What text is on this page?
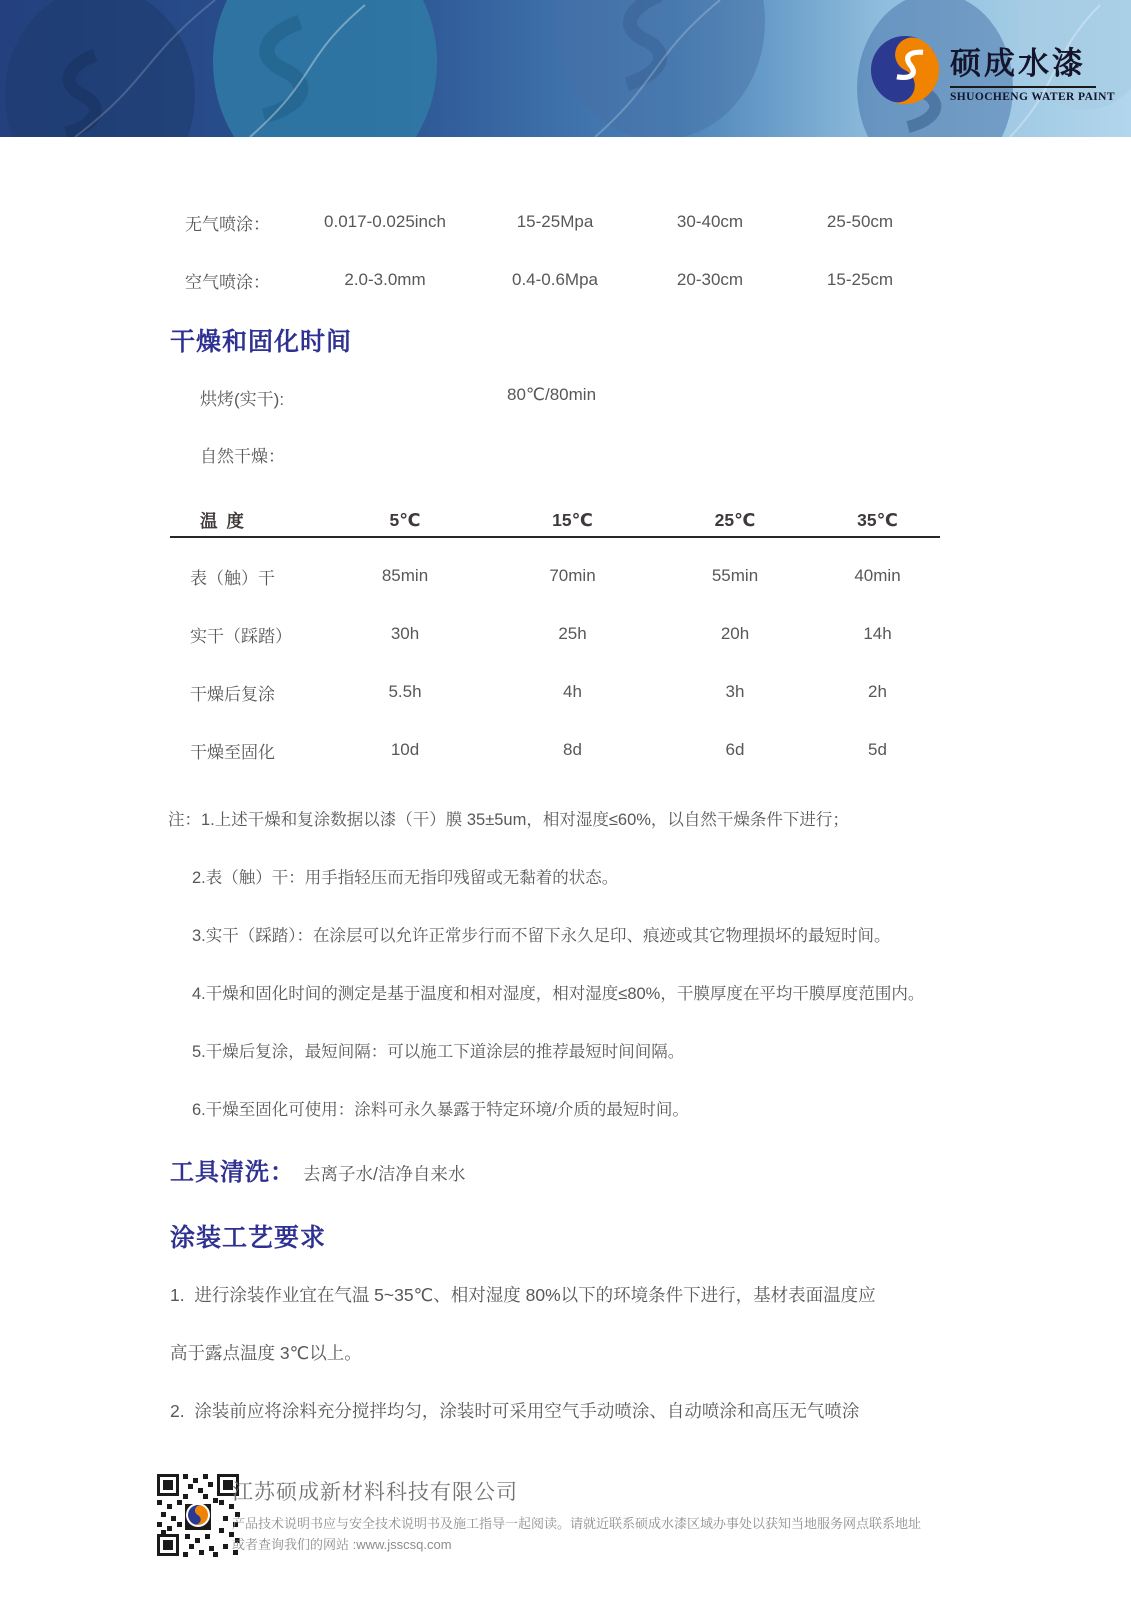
硕成水漆
SHUOCHENG WATER PAINT
无气喷涂：	0.017-0.025inch	15-25Mpa	30-40cm	25-50cm
空气喷涂：	2.0-3.0mm	0.4-0.6Mpa	20-30cm	15-25cm
干燥和固化时间
烘烤(实干):	80℃/80min
自然干燥：
温 度	5℃	15℃	25℃	35℃
表（触）干	85min	70min	55min	40min
实干（踩踏）	30h	25h	20h	14h
干燥后复涂	5.5h	4h	3h	2h
干燥至固化	10d	8d	6d	5d
注：1.上述干燥和复涂数据以漆（干）膜 35±5um，相对湿度≤60%，以自然干燥条件下进行；
2.表（触）干：用手指轻压而无指印残留或无黏着的状态。
3.实干（踩踏）：在涂层可以允许正常步行而不留下永久足印、痕迹或其它物理损坏的最短时间。
4.干燥和固化时间的测定是基于温度和相对湿度，相对湿度≤80%，干膜厚度在平均干膜厚度范围内。
5.干燥后复涂，最短间隔：可以施工下道涂层的推荐最短时间间隔。
6.干燥至固化可使用：涂料可永久暴露于特定环境/介质的最短时间。
工具清洗： 去离子水/洁净自来水
涂装工艺要求
1.  进行涂装作业宜在气温 5~35℃、相对湿度 80%以下的环境条件下进行，基材表面温度应
高于露点温度 3℃以上。
2.  涂装前应将涂料充分搅拌均匀，涂装时可采用空气手动喷涂、自动喷涂和高压无气喷涂
江苏硕成新材料科技有限公司
产品技术说明书应与安全技术说明书及施工指导一起阅读。请就近联系硕成水漆区域办事处以获知当地服务网点联系地址
或者查询我们的网站 :www.jsscsq.com
